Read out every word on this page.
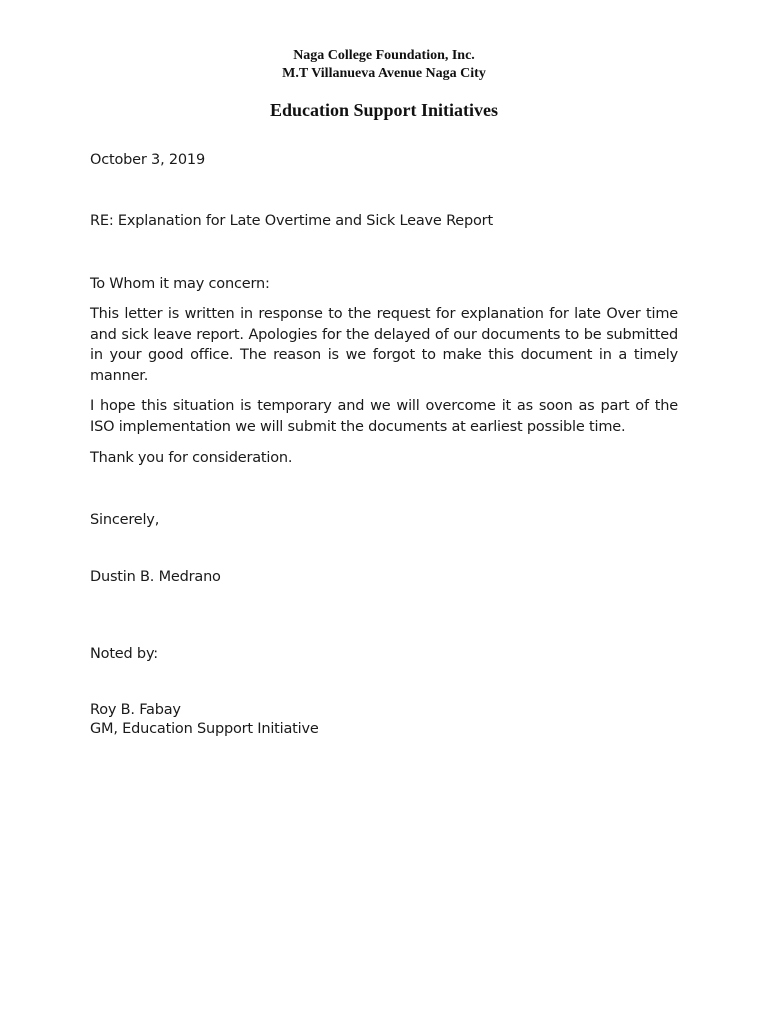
Naga College Foundation, Inc.
M.T Villanueva Avenue Naga City
Education Support Initiatives
October 3, 2019
RE: Explanation for Late Overtime and Sick Leave Report
To Whom it may concern:
This letter is written in response to the request for explanation for late Over time and sick leave report. Apologies for the delayed of our documents to be submitted in your good office. The reason is we forgot to make this document in a timely manner.
I hope this situation is temporary and we will overcome it as soon as part of the ISO implementation we will submit the documents at earliest possible time.
Thank you for consideration.
Sincerely,
Dustin B. Medrano
Noted by:
Roy B. Fabay
GM, Education Support Initiative
